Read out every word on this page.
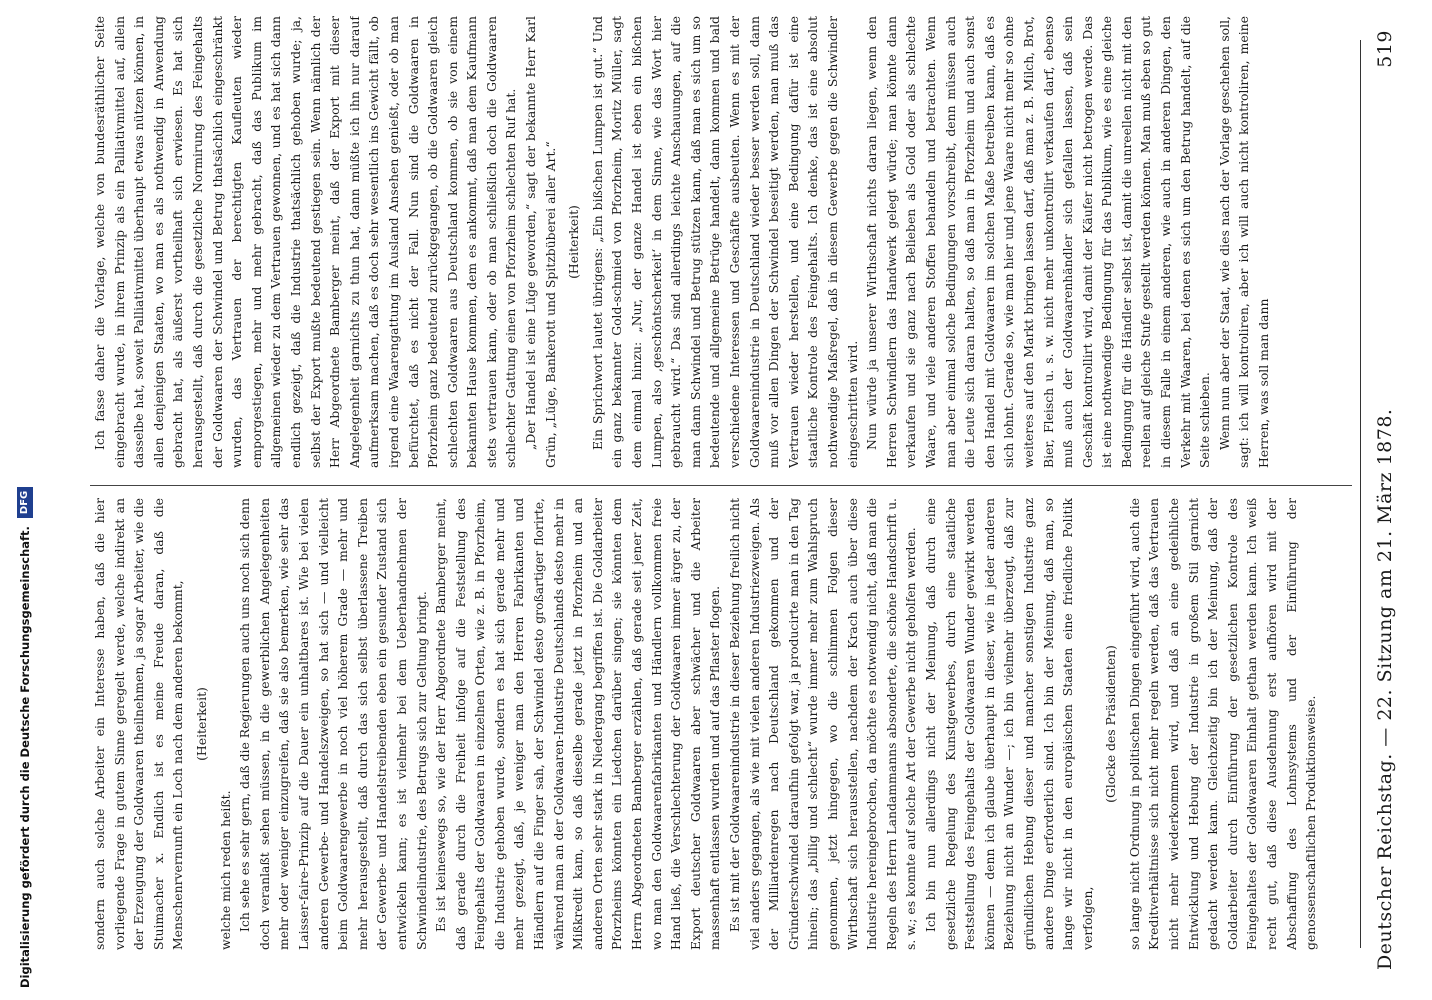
Deutscher Reichstag. — 22. Sitzung am 21. März 1878.
519

sondern auch solche Arbeiter ein Interesse haben, daß die hier vorliegende Frage in gutem Sinne geregelt werde, welche indirekt an der Erzeugung der Goldwaaren theilnehmen, ja sogar Arbeiter, wie die Stuimacher x. Endlich ist es meine Freude daran, daß die Menschenrvernunft ein Loch nach dem anderen bekommt, (Heiterkeit)

welche mich reden heißt. Ich sehe es sehr gern, daß die Regierungen auch uns noch sich denn doch veranlaßt sehen müssen, in die gewerblichen Angelegenheiten mehr oder weniger einzugreifen, daß sie also bemerken, wie sehr das Laisser-faire-Prinzip auf die Dauer ein unhaltbares ist. Wie bei vielen anderen Gewerbe- und Handelszweigen, so hat sich — und vielleicht beim Goldwaarengewerbe in noch viel höherem Grade — mehr und mehr herausgestellt, daß durch das sich selbst überlassene Treiben der Gewerbe- und Handelstreibenden eben ein gesunder Zustand sich entwickeln kann; es ist vielmehr bei dem Ueberhandnehmen der Schwindelindustrie, des Betrugs sich zur Geltung bringt. Es ist keineswegs so, wie der Herr Abgeordnete Bamberger meint, daß gerade durch die Freiheit infolge auf die Feststellung des Feingehalts der Goldwaaren in einzelnen Orten, wie z. B. in Pforzheim, die Industrie gehoben wurde, sondern es hat sich gerade mehr und mehr gezeigt, daß, je weniger man den Herren Fabrikanten und Händlern auf die Finger sah, der Schwindel desto großartiger florirte, während man an der Goldwaaren-Industrie Deutschlands desto mehr in Mißkredit kam, so daß dieselbe gerade jetzt in Pforzheim und an anderen Orten sehr stark in Niedergang begriffen ist. Die Goldarbeiter Pforzheims könnten ein Liedchen darüber singen; sie könnten dem Herrn Abgeordneten Bamberger erzählen, daß gerade seit jener Zeit, wo man den Goldwaarenfabrikanten und Händlern vollkommen freie Hand ließ, die Verschlechterung der Goldwaaren immer ärger zu, der Export deutscher Goldwaaren aber schwächer und die Arbeiter massenhaft entlassen wurden und auf das Pflaster flogen. Es ist mit der Goldwaarenindustrie in dieser Beziehung freilich nicht viel anders gegangen, als wie mit vielen anderen Industriezweigen. Als der Milliardenregen nach Deutschland gekommen und der Gründerschwindel daraufhin gefolgt war, ja producirte man in den Tag hinein; das „billig und schlecht“ wurde immer mehr zum Wahlspruch genommen, jetzt hingegen, wo die schlimmen Folgen dieser Wirthschaft sich herausstellen, nachdem der Krach auch über diese Industrie hereingebrochen, da möchte es notwendig nicht, daß man die Regeln des Herrn Landammanns absonderte, die schöne Handschrift u. s. w.; es konnte auf solche Art der Gewerbe nicht geholfen werden. Ich bin nun allerdings nicht der Meinung, daß durch eine gesetzliche Regelung des Kunstgewerbes, durch eine staatliche Feststellung des Feingehalts der Goldwaaren Wunder gewirkt werden können — denn ich glaube überhaupt in dieser, wie in jeder anderen Beziehung nicht an Wunder —; ich bin vielmehr überzeugt, daß zur gründlichen Hebung dieser und mancher sonstigen Industrie ganz andere Dinge erforderlich sind. Ich bin der Meinung, daß man, so lange wir nicht in den europäischen Staaten eine friedliche Politik verfolgen,

(Glocke des Präsidenten) so lange nicht Ordnung in politischen Dingen eingeführt wird, auch die Kreditverhältnisse sich nicht mehr regeln werden, daß das Vertrauen nicht mehr wiederkommen wird, und daß an eine gedeihliche Entwicklung und Hebung der Industrie in großem Stil garnicht gedacht werden kann. Gleichzeitig bin ich der Meinung, daß der Goldarbeiter durch Einführung der gesetzlichen Kontrole des Feingehaltes der Goldwaaren Einhalt gethan werden kann. Ich weiß recht gut, daß diese Ausdehnung erst aufhören wird mit der Abschaffung des Lohnsystems und der Einführung der genossenschaftlichen Produktionsweise.

Ich fasse daher die Vorlage, welche von bundesräthlicher Seite eingebracht wurde, in ihrem Prinzip als ein Palliativmittel auf, allein dasselbe hat, soweit Palliativmittel überhaupt etwas nützen können, in allen denjenigen Staaten, wo man es als nothwendig in Anwendung gebracht hat, als äußerst vortheilhaft sich erwiesen. Es hat sich herausgestellt, daß durch die gesetzliche Normirung des Feingehalts der Goldwaaren der Schwindel und Betrug thatsächlich eingeschränkt wurden, das Vertrauen der berechtigten Kaufleuten wieder emporgestiegen, mehr und mehr gebracht, daß das Publikum im allgemeinen wieder zu dem Vertrauen gewonnen, und es hat sich dann endlich gezeigt, daß die Industrie thatsächlich gehoben wurde; ja, selbst der Export mußte bedeutend gestiegen sein. Wenn nämlich der Herr Abgeordnete Bamberger meint, daß der Export mit dieser Angelegenheit garnichts zu thun hat, dann müßte ich ihn nur darauf aufmerksam machen, daß es doch sehr wesentlich ins Gewicht fällt, ob irgend eine Waarengattung im Ausland Ansehen genießt, oder ob man befürchtet, daß es nicht der Fall. Nun sind die Goldwaaren in Pforzheim ganz bedeutend zurückgegangen, ob die Goldwaaren gleich schlechten Goldwaaren aus Deutschland kommen, ob sie von einem bekannten Hause kommen, dem es ankommt, daß man dem Kaufmann stets vertrauen kann, oder ob man schließlich doch die Goldwaaren schlechter Gattung einen von Pforzheim schlechten Ruf hat. „Der Handel ist eine Lüge geworden,“ sagt der bekannte Herr Karl Grün, „Lüge, Bankerott und Spitzbüberei aller Art.“ (Heiterkeit) Ein Sprichwort lautet übrigens: „Ein bißchen Lumpen ist gut.“ Und ein ganz bekannter Gold-schmied von Pforzheim, Moritz Müller, sagt dem einmal hinzu: „Nur, der ganze Handel ist eben ein bißchen Lumpen, also ,geschöntscherkeit‘ in dem Sinne, wie das Wort hier gebraucht wird.“ Das sind allerdings leichte Anschauungen, auf die man dann Schwindel und Betrug stützen kann, daß man es sich um so bedeutende und allgemeine Betrüge handelt, dann kommen und bald verschiedene Interessen und Geschäfte ausbeuten. Wenn es mit der Goldwaarenindustrie in Deutschland wieder besser werden soll, dann muß vor allen Dingen der Schwindel beseitigt werden, man muß das Vertrauen wieder herstellen, und eine Bedingung dafür ist eine staatliche Kontrole des Feingehalts. Ich denke, das ist eine absolut nothwendige Maßregel, daß in diesem Gewerbe gegen die Schwindler eingeschritten wird. Nun würde ja unserer Wirthschaft nichts daran liegen, wenn den Herren Schwindlern das Handwerk gelegt würde; man könnte dann verkaufen und sie ganz nach Belieben als Gold oder als schlechte Waare, und viele anderen Stoffen behandeln und betrachten. Wenn man aber einmal solche Bedingungen vorschreibt, denn müssen auch die Leute sich daran halten, so daß man in Pforzheim und auch sonst den Handel mit Goldwaaren im solchen Maße betreiben kann, daß es sich lohnt. Gerade so, wie man hier und jene Waare nicht mehr so ohne weiteres auf den Markt bringen lassen darf, daß man z. B. Milch, Brot, Bier, Fleisch u. s. w. nicht mehr unkontrollirt verkaufen darf, ebenso muß auch der Goldwaarenhändler sich gefallen lassen, daß sein Geschäft kontrollirt wird, damit der Käufer nicht betrogen werde. Das ist eine nothwendige Bedingung für das Publikum, wie es eine gleiche Bedingung für die Händler selbst ist, damit die unreellen nicht mit den reellen auf gleiche Stufe gestellt werden können. Man muß eben so gut in diesem Falle in einem anderen, wie auch in anderen Dingen, den Verkehr mit Waaren, bei denen es sich um den Betrug handelt, auf die Seite schieben. Wenn nun aber der Staat, wie dies nach der Vorlage geschehen soll, sagt: ich will kontroliren, aber ich will auch nicht kontroliren, meine Herren, was soll man dann

Digitalisierung gefördert durch die Deutsche Forschungsgemeinschaft.
DFG
